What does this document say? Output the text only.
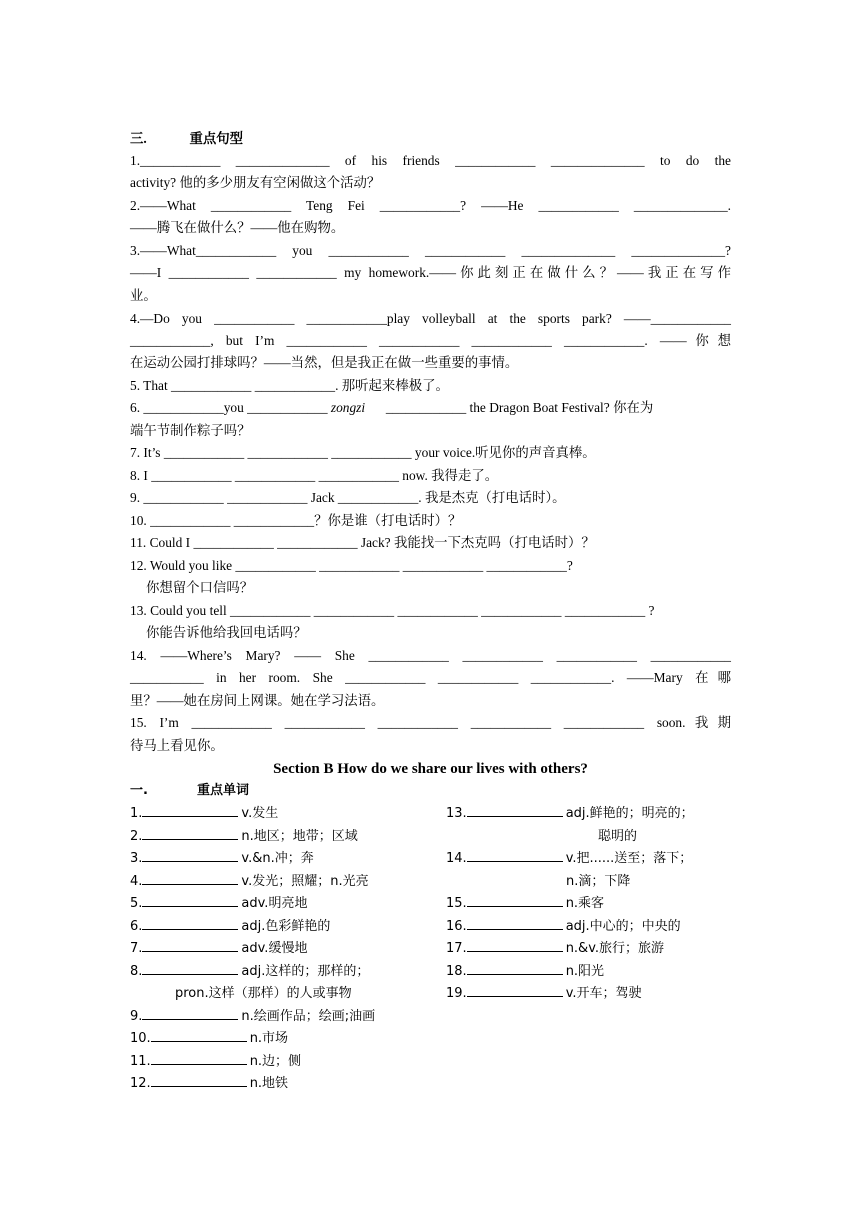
三.	重点句型
1.____________ ______________ of his friends ____________ ______________ to do the
activity? 他的多少朋友有空闲做这个活动？
2.——What ____________ Teng Fei ____________? ——He ____________ ______________.
——腾飞在做什么？——他在购物。
3.——What____________ you ____________ ____________ ______________ ______________?
——I ____________ ____________ my homework.——你此刻正在做什么？——我正在写作
业。
4.—Do you ____________ ____________play volleyball at the sports park? ——____________
____________, but I’m ____________ ____________ ____________ ____________. ——你想
在运动公园打排球吗？——当然，但是我正在做一些重要的事情。
5. That ____________ ____________. 那听起来棒极了。
6. ____________you ____________ zongzi ____________ the Dragon Boat Festival? 你在为
端午节制作粽子吗？
7. It’s ____________ ____________ ____________ your voice.听见你的声音真棒。
8. I ____________ ____________ ____________ now. 我得走了。
9. ____________ ____________ Jack ____________. 我是杰克（打电话时）。
10. ____________ ____________？你是谁（打电话时）？
11. Could I ____________ ____________ Jack? 我能找一下杰克吗（打电话时）？
12. Would you like ____________ ____________ ____________ ____________?
你想留个口信吗？
13. Could you tell ____________ ____________ ____________ ____________ ____________ ?
你能告诉他给我回电话吗？
14. ——Where’s Mary? —— She ____________ ____________ ____________ ____________
___________ in her room. She ____________ ____________ ____________. ——Mary 在哪
里？——她在房间上网课。她在学习法语。
15. I’m ____________ ____________ ____________ ____________ ____________ soon.我期
待马上看见你。
Section B How do we share our lives with others?
一.	重点单词
1.	v.发生
2.	n.地区；地带；区域
3.	v.&n.冲；奔
4.	v.发光；照耀；n.光亮
5.	adv.明亮地
6.	adj.色彩鲜艳的
7.	adv.缓慢地
8.	adj.这样的；那样的；
pron.这样（那样）的人或事物
9.	n.绘画作品；绘画;油画
10.	n.市场
11.	n.边；侧
12.	n.地铁
13.	adj.鲜艳的；明亮的；
聪明的
14.	v.把......送至；落下；
n.滴；下降
15.	n.乘客
16.	adj.中心的；中央的
17.	n.&v.旅行；旅游
18.	n.阳光
19.	v.开车；驾驶
